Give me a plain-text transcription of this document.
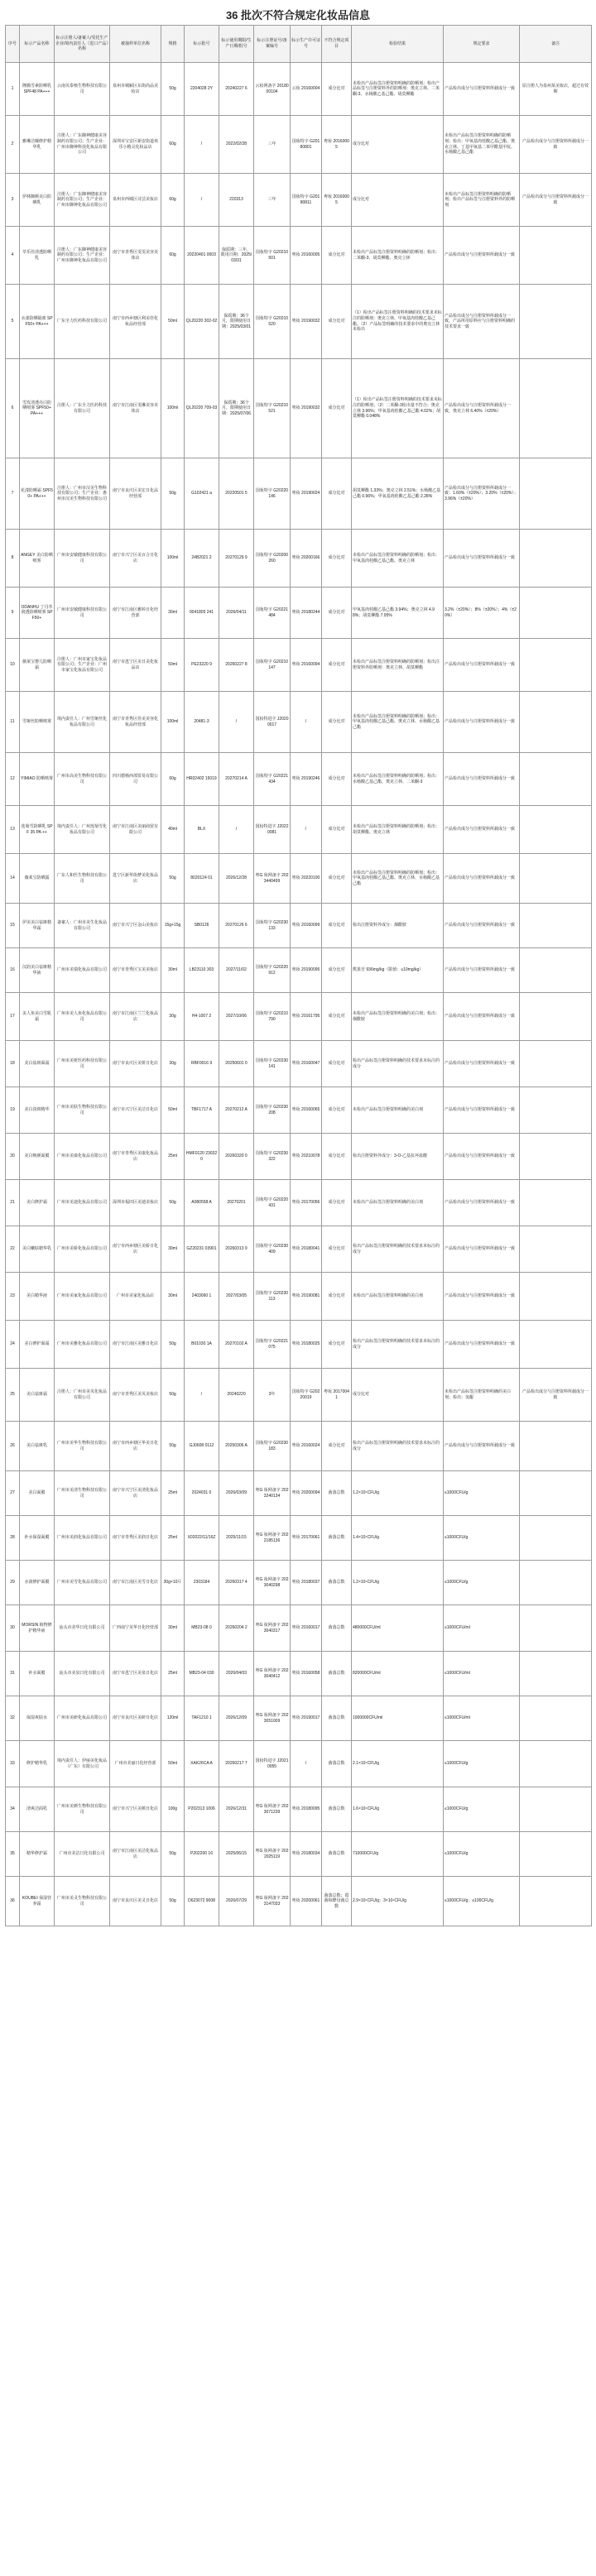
36 批次不符合规定化妆品信息
序号	标示产品名称	标示注册人/备案人/受托生产企业/境内责任人（进口产品）名称	被抽样单位名称	规格	标示批号	标示使用期限/生产日期/批号	标示注册证号/备案编号	标示生产许可证号	不符合规定项目	检验结果	规定要求	备注	
1	隆腾雪素防晒乳 SPF48 PA+++	云南贝泰核生物科技有限公司	泉州市城厢区东街尚品美妆店	50g	2204028 2Y	20240227 6	云妆网备字 2018000104	云妆 20160004	成分比对	未检出产品标签注册资料明确的防晒剂；检出产品标签与注册资料外的防晒剂：奥克立林、二苯酮-3、水杨酸乙基己酯、胡莫柳酯	产品检出成分与注册资料所载成分一致	原注册人为泉州某美妆店，超过有效期	
2	雅琳洁臻修护精华乳	注册人：广东御神健康美容制药有限公司；生产企业：广州市御神科技化妆品有限公司	深圳市宝安区新安街道欢乐小精灵化妆品店	60g	/	2022/02/28	三年	国妆特字 G20180801	粤妆 20160005	成分比对	未检出产品标签注册资料明确的防晒剂；检出：甲氧基肉桂酸乙基己酯、奥克立林、丁基甲氧基二苯甲酰基甲烷、水杨酸乙基己酯	产品检出成分与注册资料所载成分一致	
3	伊林御颜美白防晒乳	注册人：广东御神健康美容制药有限公司；生产企业：广州市御神化妆品有限公司	泉州市西城区诗芸美妆店	60g	/	220313	三年	国妆特字 G20180811	粤妆 20160005	成分比对	未检出产品标签注册资料明确的防晒剂；检出产品标签与注册资料外的防晒剂	产品检出成分与注册资料所载成分一致	
4	萃乐佳清透防晒乳	注册人：广东御神健康美容制药有限公司；生产企业：广州市御神化妆品有限公司	南宁市青秀区雯雯美容美体店	60g	20220401 0003	保质期：三年，限用日期：2025/03/31	国妆特字 G20210501	粤妆 20160005	成分比对	未检出产品标签注册资料明确的防晒剂；检出：二苯酮-3、胡莫柳酯、奥克立林	产品检出成分与注册资料所载成分一致		
5	水漾防晒隔离 SPF50+ PA+++	广东全力医药科技有限公司	南宁市西乡塘区利美佳化妆品经营部	50ml	QL20220 302-02	保质期：36个月，限期使用日期：2025/03/01	国妆特字 G20210520	粤妆 20190032	成分比对	（1）检出产品标签注册资料明确的技术要求未标注的防晒剂：奥克立林、甲氧基肉桂酸乙基己酯。（2）产品标签明确的技术要求中的奥克立林未检出	产品检出成分与注册资料所载成分一致，产品所用原料应与注册资料明确的技术要求一致		
6	雪玫清透亮白防晒喷雾 SPF50+ PA+++	注册人：广东全力医药科技有限公司	南宁市江南区雯琳美容美体店	100ml	QL20220 709-03	保质期：36个月，限期使用日期：2025/07/06	国妆特字 G20210521	粤妆 20190032	成分比对	（1）检出产品标签注册资料明确的技术要求未标注的防晒剂；（2）二苯酮-3检出量不符合；奥克立林 3.96%；甲氧基肉桂酸乙基己酯 4.02%；胡莫柳酯 0.048%	产品检出成分与注册资料所载成分一致，奥克立林 6.40%（±20%）		
7	花漾防晒霜 SPF50+ PA+++	注册人：广州市汉美生物科技有限公司；生产企业：惠州市汉美生物科技有限公司	南宁市良庆区美宏日化品经营部	50g	G102421 a	20220501 5	国妆特字 G20220146	粤妆 20190024	成分比对	胡莫柳酯 1.33%；奥克立林 2.51%；水杨酸乙基己酯 0.96%；甲氧基肉桂酸乙基己酯 2.28%	产品检出成分与注册资料所载成分一致：1.60%（±20%）；3.20%（±20%）；3.96%（±20%）		
8	ANGEY 美白防晒喷雾	广州市安敏健康科技有限公司	南宁市兴宁区美百合日化店	100ml	24B2021 2	20270129 9	国妆特字 G20200260	粤妆 20200166	成分比对	未检出产品标签注册资料明确的防晒剂；检出：甲氧基肉桂酸乙基己酯、奥克立林	产品检出成分与注册资料所载成分一致		
9	ODANHU 丁丹萃润透防晒喷雾 SPF50+	广州市安敏健康科技有限公司	南宁市江南区雅婷日化经营部	30ml	0041805 241	2026/04/11	国妆特字 G20221484	粤妆 20180244	成分比对	甲氧基肉桂酸乙基己酯 3.94%；奥克立林 4.98%；胡莫柳酯 7.95%	3.2%（±20%）；8%（±20%）；4%（±20%）		
10	薇莱宝婴儿防晒霜	注册人：广州市家宝化妆品有限公司；生产企业：广州市家宝化妆品有限公司	南宁市邕宁区美日美化妆品店	50ml	PE23220 9	20260227 8	国妆特字 G20210147	粤妆 20160094	成分比对	未检出产品标签注册资料明确的防晒剂；检出注册资料外防晒剂：奥克立林、胡莫柳酯	产品检出成分与注册资料所载成分一致		
11	雪娅丝防晒喷雾	境内责任人：广州雪娅丝化妆品有限公司	南宁市青秀区佳美美容化妆品经营部	100ml	20481-3	/	国妆特进字 J20200017	/	成分比对	未检出产品标签注册资料明确的防晒剂；检出：甲氧基肉桂酸乙基己酯、奥克立林、水杨酸乙基己酯	产品检出成分与注册资料所载成分一致		
12	YIMIAO 防晒喷雾	广州市高美生物科技有限公司	四川德杨西部贸易有限公司	60g	HR02402 15019	20270214 A	国妆特字 G20221434	粤妆 20190246	成分比对	未检出产品标签注册资料明确的防晒剂；检出：水杨酸乙基己酯、奥克立林、二苯酮-3	产品检出成分与注册资料所载成分一致		
13	莲菊雪防晒乳 SPF 35 PA ++	境内责任人：广州莲菊雪化妆品有限公司	南宁市江南区美丽商贸有限公司	40ml	BLX	/	国妆特进字 J20220081	/	成分比对	未检出产品标签注册资料明确的防晒剂；检出：胡莫柳酯、奥克立林	产品检出成分与注册资料所载成分一致		
14	薇莱宝防晒露	广东人和医生物科技有限公司	邕宁区新华街梦美化妆品店	50g	8020124 01	2026/12/28	粤G 妆网备字 2023440499	粤妆 20220100	成分比对	未检出产品标签注册资料明确的防晒剂；检出：甲氧基肉桂酸乙基己酯、奥克立林、水杨酸乙基己酯	产品检出成分与注册资料所载成分一致		
15	伊美美白祛斑精华霜	备案人：广州市美生化妆品有限公司	南宁市兴宁区金山美妆店	15g+15g	SB0126	20270126 6	国妆特字 G20230133	粤妆 20160099	成分比对	检出注册资料外成分：烟酰胺	产品检出成分与注册资料所载成分一致		
16	汉韵美白祛斑精华液	广州市美瑞化妆品有限公司	南宁市青秀区宝美美妆店	30ml	LB23110 303	2027/11/02	国妆特字 G20220912	粤妆 20190095	成分比对	熊果苷 936mg/kg（限值：≤10mg/kg）	产品检出成分与注册资料所载成分一致		
17	美人鱼美白雪肌霜	广州市美人鱼化妆品有限公司	南宁市江南区兰兰化妆品店	30g	H4-1007 2	2027/10/06	国妆特字 G20210790	粤妆 20161795	成分比对	未检出产品标签注册资料明确的美白剂；检出：烟酰胺	产品检出成分与注册资料所载成分一致		
18	美白祛斑面霜	广州市美妍医药科技有限公司	南宁市良庆区美妍日化店	30g	RBF0016 9	20250601 0	国妆特字 G20230141	粤妆 20160047	成分比对	检出产品标签注册资料明确的技术要求未标注的成分	产品检出成分与注册资料所载成分一致		
19	美白淡斑精华	广州市美肤生物科技有限公司	南宁市兴宁区美洁日化店	50ml	TBF1717 A	20270212 A	国妆特字 G20230208	粤妆 20160065	成分比对	未检出产品标签注册资料明确的美白剂	产品检出成分与注册资料所载成分一致		
20	美白焕颜面膜	广州市美康化妆品有限公司	南宁市青秀区美康化妆品店	25ml	HMF0120 230320	20260320 0	国妆特字 G20230322	粤妆 20210078	成分比对	检出注册资料外成分：3-O-乙基抗坏血酸	产品检出成分与注册资料所载成分一致		
21	美白修护霜	广州市美迪化妆品有限公司	深圳市福田区美迪美妆店	50g	A080558 A	20270201	国妆特字 G20220431	粤妆 20170056	成分比对	未检出产品标签注册资料明确的美白剂	产品检出成分与注册资料所载成分一致		
22	美白嫩肤精华乳	广州市美娇化妆品有限公司	南宁市西乡塘区美娇日化店	30ml	GZ20231 03901	20260313 9	国妆特字 G20230409	粤妆 20180041	成分比对	检出产品标签注册资料明确的技术要求未标注的成分	产品检出成分与注册资料所载成分一致		
23	美白精华液	广州市美家化妆品有限公司	广州市美家化妆品店	30ml	2403060 1	2027/03/05	国妆特字 G20230113	粤妆 20190081	成分比对	未检出产品标签注册资料明确的美白剂	产品检出成分与注册资料所载成分一致		
24	美白修护面霜	广州市美雅化妆品有限公司	南宁市江南区美雅日化店	50g	B01030 1A	20270102 A	国妆特字 G20221075	粤妆 20180025	成分比对	检出产品标签注册资料明确的技术要求未标注的成分	产品检出成分与注册资料所载成分一致		
25	美白祛斑霜	注册人：广州市美贝化妆品有限公司	南宁市青秀区美贝美妆店	50g	/	20240220	3年	国妆特字 G20220019	粤妆 20170041	成分比对	未检出产品标签注册资料明确的美白剂；检出：氢醌	产品检出成分与注册资料所载成分一致	
26	美白祛斑乳	广州市美华生物科技有限公司	南宁市西乡塘区华美日化店	50g	GJ0608 0112	20250306 A	国妆特字 G20230183	粤妆 20160024	成分比对	检出产品标签注册资料明确的技术要求未标注的成分	产品检出成分与注册资料所载成分一致		
27	美白面膜	广州市美清生物科技有限公司	南宁市兴宁区美清化妆品店	25ml	2024031 0	2026/03/09	粤G 妆网备字 2023240134	粤妆 20200094	菌落总数	1.2×10⁴CFU/g	≤1000CFU/g		
28	补水保湿面膜	广州市美润化妆品有限公司	南宁市青秀区美润日化店	25ml	X02022/11/16Z	2025/11/15	粤G 妆网备字 2022185136	粤妆 20170061	菌落总数	1.4×10⁴CFU/g	≤1000CFU/g		
29	水润修护面膜	广州市美雪化妆品有限公司	南宁市江南区美雪日化店	30g×10片	2303184	20260317 4	粤G 妆网备字 2023040298	粤妆 20180037	菌落总数	1.2×10⁴CFU/g	≤1000CFU/g		
30	MORSIN 植物修护精华液	汕头市美华日化有限公司	广西南宁美华日化经营部	30ml	MB23-08 0	20260204 2	粤G 妆网备字 2023040317	粤妆 20160017	菌落总数	480000CFU/ml	≤1000CFU/ml		
31	补水面膜	汕头市美泉日化有限公司	南宁市邕宁区美泉日化店	25ml	MB23-04 030	2026/04/03	粤G 妆网备字 2023040412	粤妆 20160058	菌落总数	820000CFU/ml	≤1000CFU/ml		
32	保湿爽肤水	广州市美研化妆品有限公司	南宁市良庆区美研日化店	120ml	TAF1210 1	2026/12/09	粤G 妆网备字 2023051009	粤妆 20190017	菌落总数	1000000CFU/ml	≤1000CFU/ml		
33	修护精华乳	境内责任人：伊丽美化妆品（广东）有限公司	广州市美丽日化经营部	50ml	XAK26CA A	20260217 7	国妆特进字 J20210055	/	菌落总数	2.1×10⁴CFU/g	≤1000CFU/g		
34	清爽洁面乳	广州市美颜生物科技有限公司	南宁市兴宁区美颜日化店	100g	P202313 1006	2026/12/31	粤G 妆网备字 2023071239	粤妆 20180095	菌落总数	1.6×10⁴CFU/g	≤1000CFU/g		
35	精华修护霜	广州市美洁日化有限公司	南宁市江南区美洁化妆品店	50g	P202200 16	2025/06/15	粤G 妆网备字 2022025119	粤妆 20180034	菌落总数	710000CFU/g	≤1000CFU/g		
36	KOUBEI 保湿营养霜	广州市美灵生物科技有限公司	南宁市良庆区美灵日化店	50g	D623072 9008	2026/07/29	粤G 妆网备字 2023147033	粤妆 20200061	菌落总数；霉菌和酵母菌总数	2.9×10⁴CFU/g；3×10⁴CFU/g	≤1000CFU/g；≤100CFU/g		
